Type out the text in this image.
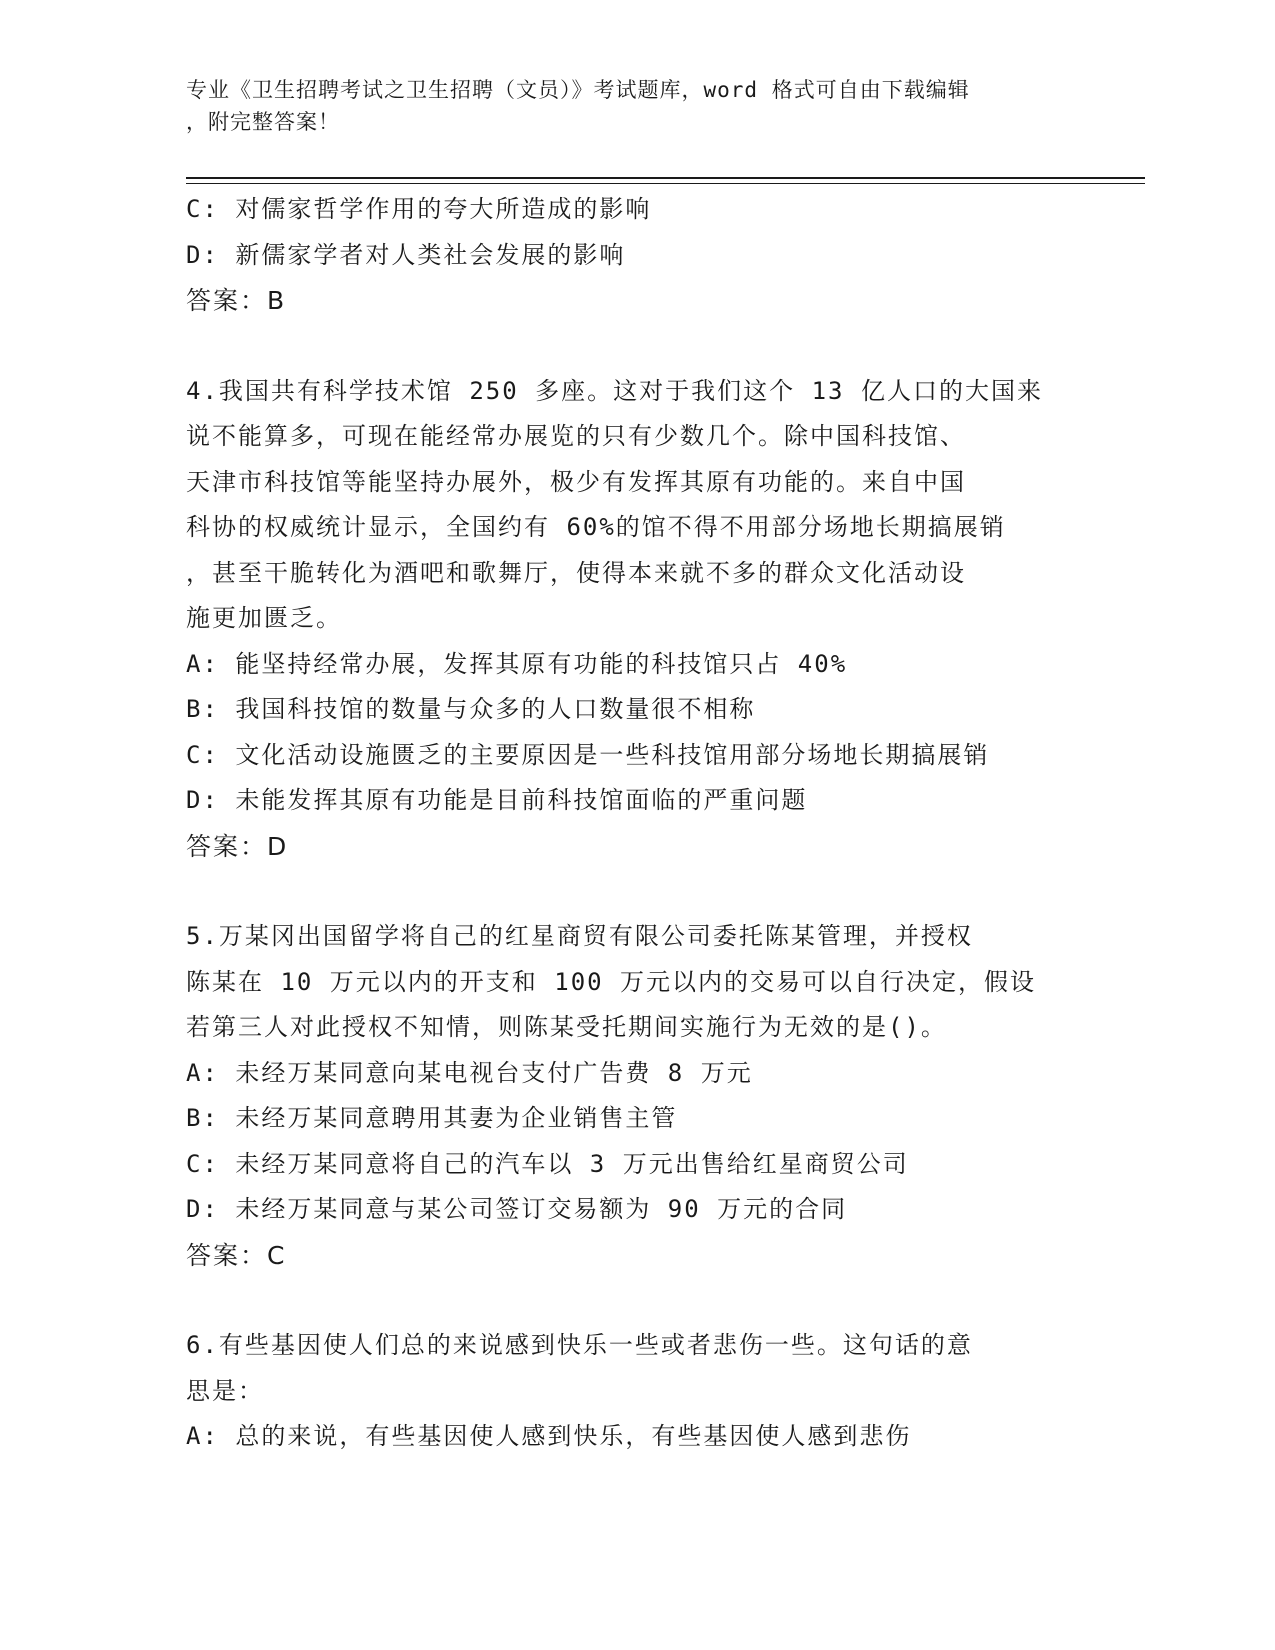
专业《卫生招聘考试之卫生招聘（文员）》考试题库，word 格式可自由下载编辑
，附完整答案！
C: 对儒家哲学作用的夸大所造成的影响
D: 新儒家学者对人类社会发展的影响
答案：B
4.我国共有科学技术馆 250 多座。这对于我们这个 13 亿人口的大国来
说不能算多，可现在能经常办展览的只有少数几个。除中国科技馆、
天津市科技馆等能坚持办展外，极少有发挥其原有功能的。来自中国
科协的权威统计显示，全国约有 60%的馆不得不用部分场地长期搞展销
，甚至干脆转化为酒吧和歌舞厅，使得本来就不多的群众文化活动设
施更加匮乏。
A: 能坚持经常办展，发挥其原有功能的科技馆只占 40%
B: 我国科技馆的数量与众多的人口数量很不相称
C: 文化活动设施匮乏的主要原因是一些科技馆用部分场地长期搞展销
D: 未能发挥其原有功能是目前科技馆面临的严重问题
答案：D
5.万某冈出国留学将自己的红星商贸有限公司委托陈某管理，并授权
陈某在 10 万元以内的开支和 100 万元以内的交易可以自行决定，假设
若第三人对此授权不知情，则陈某受托期间实施行为无效的是()。
A: 未经万某同意向某电视台支付广告费 8 万元
B: 未经万某同意聘用其妻为企业销售主管
C: 未经万某同意将自己的汽车以 3 万元出售给红星商贸公司
D: 未经万某同意与某公司签订交易额为 90 万元的合同
答案：C
6.有些基因使人们总的来说感到快乐一些或者悲伤一些。这句话的意
思是：
A: 总的来说，有些基因使人感到快乐，有些基因使人感到悲伤
